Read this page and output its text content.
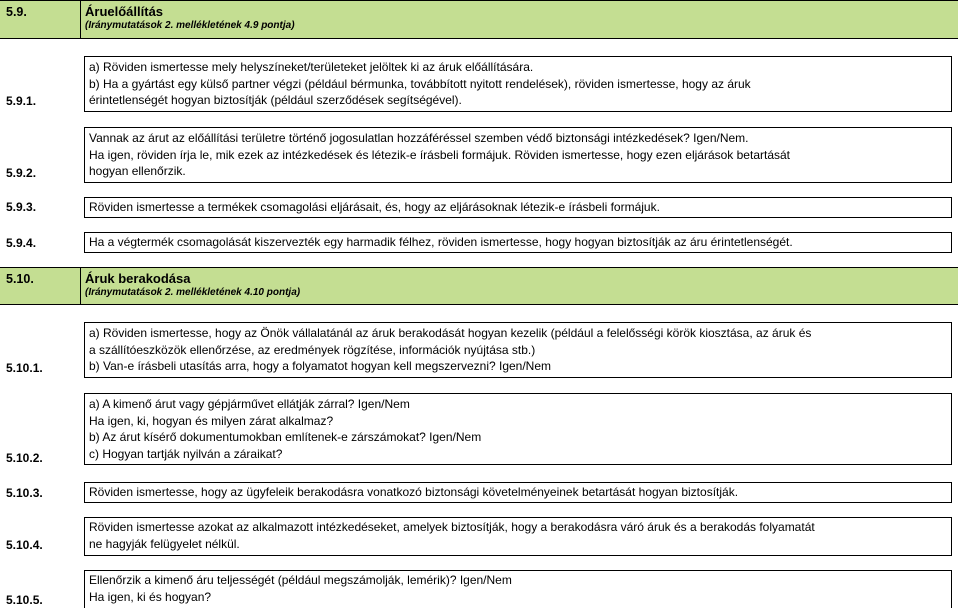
5.9.	Áruelőállítás
(Iránymutatások 2. mellékletének 4.9 pontja)
5.9.1.
a) Röviden ismertesse mely helyszíneket/területeket jelöltek ki az áruk előállítására.
b) Ha a gyártást egy külső partner végzi (például bérmunka, továbbított nyitott rendelések), röviden ismertesse, hogy az áruk
érintetlenségét hogyan biztosítják (például szerződések segítségével).
5.9.2.
Vannak az árut az előállítási területre történő jogosulatlan hozzáféréssel szemben védő biztonsági intézkedések? Igen/Nem.
Ha igen, röviden írja le, mik ezek az intézkedések és létezik-e írásbeli formájuk. Röviden ismertesse, hogy ezen eljárások betartását
hogyan ellenőrzik.
5.9.3.	Röviden ismertesse a termékek csomagolási eljárásait, és, hogy az eljárásoknak létezik-e írásbeli formájuk.
5.9.4.	Ha a végtermék csomagolását kiszervezték egy harmadik félhez, röviden ismertesse, hogy hogyan biztosítják az áru érintetlenségét.
5.10.	Áruk berakodása
(Iránymutatások 2. mellékletének 4.10 pontja)
5.10.1.
a) Röviden ismertesse, hogy az Önök vállalatánál az áruk berakodását hogyan kezelik (például a felelősségi körök kiosztása, az áruk és
a szállítóeszközök ellenőrzése, az eredmények rögzítése, információk nyújtása stb.)
b) Van-e írásbeli utasítás arra, hogy a folyamatot hogyan kell megszervezni? Igen/Nem
5.10.2.
a) A kimenő árut vagy gépjárművet ellátják zárral? Igen/Nem
Ha igen, ki, hogyan és milyen zárat alkalmaz?
b) Az árut kísérő dokumentumokban említenek-e zárszámokat? Igen/Nem
c) Hogyan tartják nyilván a záraikat?
5.10.3.	Röviden ismertesse, hogy az ügyfeleik berakodásra vonatkozó biztonsági követelményeinek betartását hogyan biztosítják.
5.10.4.
Röviden ismertesse azokat az alkalmazott intézkedéseket, amelyek biztosítják, hogy a berakodásra váró áruk és a berakodás folyamatát
ne hagyják felügyelet nélkül.
5.10.5.
Ellenőrzik a kimenő áru teljességét (például megszámolják, lemérik)? Igen/Nem
Ha igen, ki és hogyan?
